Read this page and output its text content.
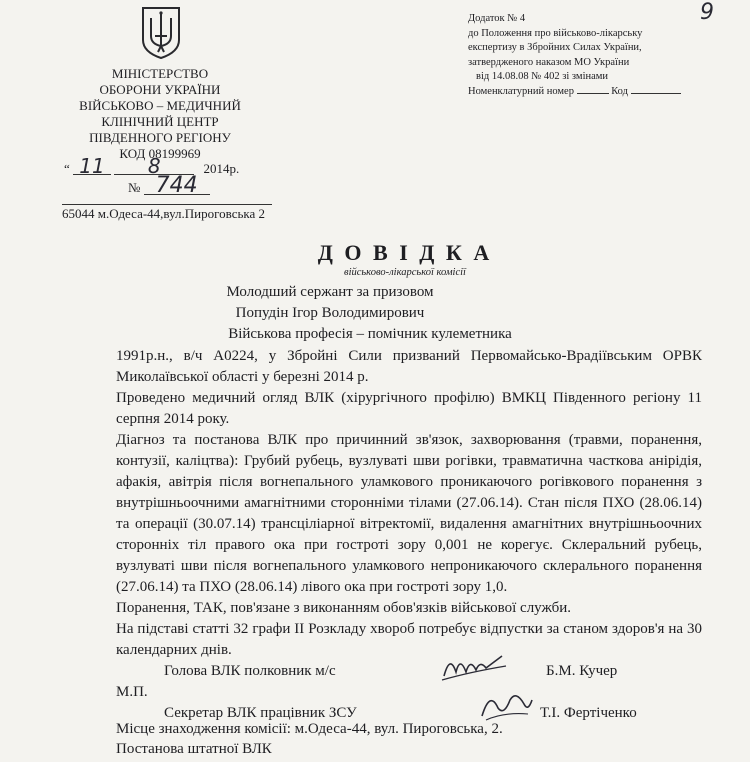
9
МІНІСТЕРСТВО
ОБОРОНИ УКРАЇНИ
ВІЙСЬКОВО – МЕДИЧНИЙ
КЛІНІЧНИЙ ЦЕНТР
ПІВДЕННОГО РЕГІОНУ
КОД 08199969
“ 11 8	2014р.
№ 744
65044 м.Одеса-44,вул.Пироговська 2
Додаток № 4
до Положення про військово-лікарську
експертизу в Збройних Силах України,
затвердженого наказом МО України
від 14.08.08 № 402 зі змінами
Номенклатурний номер	Код
Д О В І Д К А
військово-лікарської комісії
Молодший сержант за призовом
Попудін Ігор Володимирович
Військова професія – помічник кулеметника
1991р.н., в/ч А0224, у Збройні Сили призваний Первомайсько-Врадіївським ОРВК Миколаївської області у березні 2014 р.
Проведено медичний огляд ВЛК (хірургічного профілю) ВМКЦ Південного регіону 11 серпня 2014 року.
Діагноз та постанова ВЛК про причинний зв'язок, захворювання (травми, поранення, контузії, каліцтва): Грубий рубець, вузлуваті шви рогівки, травматична часткова анірідія, афакія, авітрія після вогнепального уламкового проникаючого рогівкового поранення з внутрішньоочними амагнітними сторонніми тілами (27.06.14). Стан після ПХО (28.06.14) та операції (30.07.14) трансціліарної вітректомії, видалення амагнітних внутрішньоочних сторонніх тіл правого ока при гостроті зору 0,001 не корегує. Склеральний рубець, вузлуваті шви після вогнепального уламкового непроникаючого склерального поранення (27.06.14) та ПХО (28.06.14) лівого ока при гостроті зору 1,0.
Поранення, ТАК, пов'язане з виконанням обов'язків військової служби.
На підставі статті 32 графи II Розкладу хвороб потребує відпустки за станом здоров'я на 30 календарних днів.
Голова ВЛК полковник м/с	Б.М. Кучер
М.П.
Секретар ВЛК працівник ЗСУ	Т.І. Фертіченко
Місце знаходження комісії: м.Одеса-44, вул. Пироговська, 2.
Постанова штатної ВЛК
